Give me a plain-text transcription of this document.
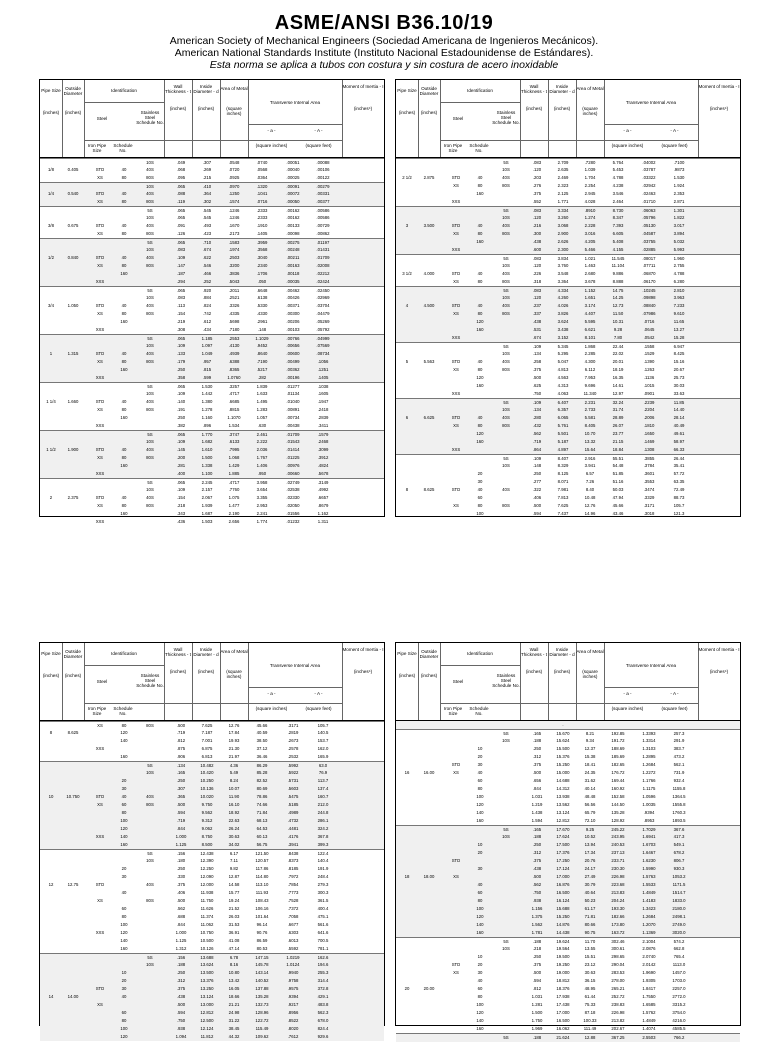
ASME/ANSI B36.10/19
American Society of Mechanical Engineers (Sociedad Americana de Ingenieros Mecánicos).
American National Standards Institute (Instituto Nacional Estadounidense de Estándares).
Esta norma se aplica a tubos con costura y sin costura de acero inoxidable
Pipe Size Outside Diameter
Identification
Wall Thickness - t
Inside Diameter - d
Area of Metal
Transverse Internal Area
Moment of Inertia - I
(inches)	(inches)
(inches)	(inches)	(square inches)
(inches⁴)
Steel
Stainless Steel Schedule No.
- a -	- A -
Iron Pipe Size
Schedule No.
(square inches)	(square feet)
10S	.049	.307	.0548	.0740	.00051	.00088
1/8	0.405	STD	40	40S	.068	.269	.0720	.0568	.00040	.00106
XS	80	80S	.095	.215	.0925	.0364	.00025	.00122
10S	.065	.410	.0970	.1320	.00091	.00279
1/4	0.540	STD	40	40S	.088	.364	.1250	.1041	.00072	.00331
XS	80	80S	.119	.302	.1574	.0716	.00050	.00377
5S	.065	.545	.1246	.2333	.00162	.00586
10S	.065	.545	.1246	.2333	.00162	.00586
3/8	0.675	STD	40	40S	.091	.493	.1670	.1910	.00133	.00729
XS	80	80S	.126	.423	.2173	.1405	.00098	.00862
5S	.065	.710	.1583	.3959	.00275	.01197
10S	.083	.674	.1974	.3568	.00248	.01431
1/2	0.840	STD	40	40S	.109	.622	.2503	.3040	.00211	.01709
XS	80	80S	.147	.546	.3200	.2340	.00163	.02008
160	.187	.466	.3836	.1706	.00118	.02212
XXS	.294	.252	.5043	.050	.00035	.02424
5S	.065	.920	.2011	.6648	.00462	.02450
10S	.083	.884	.2521	.6138	.00426	.02969
3/4	1.050	STD	40	40S	.113	.824	.3326	.5330	.00371	.03704
XS	80	80S	.154	.742	.4335	.4330	.00300	.04479
160	.219	.612	.5698	.2961	.00206	.05269
XXS	.308	.434	.7180	.148	.00103	.05792
5S	.065	1.185	.2553	1.1029	.00766	.04999
10S	.109	1.097	.4130	.9452	.00656	.07569
1	1.315	STD	40	40S	.133	1.049	.4939	.8640	.00600	.08734
XS	80	80S	.179	.957	.6388	.7190	.00499	.1056
160	.250	.815	.8365	.5217	.00362	.1251
XXS	.358	.599	1.0760	.282	.00196	.1405
5S	.065	1.530	.3257	1.839	.01277	.1038
10S	.109	1.442	.4717	1.633	.01134	.1605
1 1/4	1.660	STD	40	40S	.140	1.380	.6685	1.495	.01040	.1947
XS	80	80S	.191	1.278	.8815	1.283	.00891	.2418
160	.250	1.160	1.1070	1.057	.00734	.2839
XXS	.382	.896	1.534	.630	.00438	.3411
5S	.065	1.770	.3747	2.461	.01709	.1579
10S	.109	1.682	.6133	2.222	.01543	.2468
1 1/2	1.900	STD	40	40S	.145	1.610	.7995	2.036	.01414	.3099
XS	80	80S	.200	1.500	1.068	1.767	.01225	.3912
160	.281	1.338	1.429	1.406	.00976	.4824
XXS	.400	1.100	1.885	.950	.00660	.5678
5S	.065	2.245	.4717	3.958	.02749	.3149
10S	.109	2.157	.7760	3.654	.02538	.4992
2	2.375	STD	40	40S	.154	2.067	1.075	3.355	.02330	.6657
XS	80	80S	.218	1.939	1.477	2.953	.02050	.8679
160	.343	1.687	2.190	2.241	.01556	1.162
XXS	.436	1.503	2.656	1.774	.01232	1.311
Pipe Size Outside Diameter
Identification
Wall Thickness - t
Inside Diameter - d
Area of Metal
Transverse Internal Area
Moment of Inertia - I
(inches)	(inches)
(inches)	(inches)	(square inches)
(inches⁴)
Steel
Stainless Steel Schedule No.
- a -	- A -
Iron Pipe Size
Schedule No.
(square inches)	(square feet)
5S	.083	2.709	.7280	5.764	.04002	.7100
10S	.120	2.635	1.039	5.453	.03787	.9873
2 1/2	2.875	STD	40	40S	.203	2.469	1.704	4.788	.03322	1.530
XS	80	80S	.276	2.323	2.254	4.238	.02942	1.924
160	.375	2.125	2.945	3.546	.02463	2.353
XXS	.552	1.771	4.028	2.464	.01710	2.871
5S	.083	3.334	.8910	8.730	.06063	1.301
10S	.120	3.260	1.274	8.347	.05796	1.822
3	3.500	STD	40	40S	.216	3.068	2.228	7.393	.05130	3.017
XS	80	80S	.300	2.900	3.016	6.605	.04587	3.894
160	.438	2.626	4.205	5.408	.03755	5.032
XXS	.600	2.300	5.466	4.155	.02885	5.993
5S	.083	3.834	1.021	11.545	.08017	1.960
10S	.120	3.760	1.463	11.104	.07711	2.755
3 1/2	4.000	STD	40	40S	.226	3.548	2.680	9.886	.06870	4.788
XS	80	80S	.318	3.364	3.678	8.888	.06170	6.280
5S	.083	4.334	1.152	14.75	.10245	2.810
10S	.120	4.260	1.651	14.25	.09898	3.963
4	4.500	STD	40	40S	.237	4.026	3.174	12.73	.08840	7.233
XS	80	80S	.337	3.826	4.407	11.50	.07986	9.610
120	.438	3.624	5.595	10.31	.0716	11.65
160	.531	3.438	6.621	9.28	.0645	13.27
XXS	.674	3.152	8.101	7.80	.0542	15.28
5S	.109	5.345	1.868	22.44	.1558	6.947
10S	.134	5.295	2.285	22.02	.1529	8.425
5	5.563	STD	40	40S	.258	5.047	4.300	20.01	.1390	15.16
XS	80	80S	.375	4.813	6.112	18.19	.1263	20.67
120	.500	4.563	7.953	16.35	.1136	25.73
160	.625	4.313	9.696	14.61	.1015	30.03
XXS	.750	4.063	11.340	12.97	.0901	33.63
5S	.109	6.407	2.231	32.24	.2239	11.85
10S	.134	6.357	2.733	31.74	.2204	14.40
6	6.625	STD	40	40S	.280	6.065	5.581	28.89	.2006	28.14
XS	80	80S	.432	5.761	8.405	26.07	.1810	40.49
120	.562	5.501	10.70	23.77	.1650	49.61
160	.719	5.187	13.32	21.15	.1469	58.97
XXS	.864	4.897	15.64	18.84	.1308	66.33
5S	.109	8.407	2.916	55.51	.3855	26.44
10S	.148	8.329	3.941	54.48	.3784	35.41
20	.250	8.125	6.57	51.85	.3601	57.72
30	.277	8.071	7.26	51.16	.3553	63.35
8	8.625	STD	40	40S	.322	7.981	8.40	50.03	.3474	72.49
60	.406	7.813	10.48	47.94	.3329	88.73
XS	80	80S	.500	7.625	12.76	45.66	.3171	105.7
100	.594	7.437	14.96	43.46	.3018	121.3
Pipe Size Outside Diameter
Identification
Wall Thickness - t
Inside Diameter - d
Area of Metal
Transverse Internal Area
Moment of Inertia - I
(inches)	(inches)
(inches)	(inches)	(square inches)
(inches⁴)
Steel
Stainless Steel Schedule No.
- a -	- A -
Iron Pipe Size
Schedule No.
(square inches)	(square feet)
XS	80	80S	.500	7.625	12.76	45.66	.3171	105.7
8	8.625	120	.719	7.187	17.84	40.59	.2819	140.5
140	.812	7.001	19.93	38.50	.2673	153.7
XXS	.875	6.875	21.30	37.12	.2578	162.0
160	.906	6.813	21.97	36.46	.2532	165.9
5S	.134	10.482	4.36	86.29	.5992	63.0
10S	.165	10.420	5.49	85.28	.5922	76.9
20	.250	10.250	8.24	82.52	.5731	113.7
30	.307	10.136	10.07	80.69	.5603	137.4
10	10.750	STD	40	40S	.365	10.020	11.90	78.86	.5475	160.7
XS	60	80S	.500	9.750	16.10	74.66	.5185	212.0
80	.594	9.562	18.92	71.84	.4989	244.8
100	.719	9.312	22.63	68.13	.4732	286.1
120	.844	9.062	26.24	64.53	.4481	324.2
XXS	140	1.000	8.750	30.63	60.13	.4176	367.8
160	1.125	8.500	34.02	56.75	.3941	399.3
5S	.156	12.438	6.17	121.50	.8438	122.4
10S	.180	12.390	7.11	120.57	.8373	140.4
20	.250	12.250	9.82	117.86	.8185	191.9
30	.330	12.090	12.87	114.80	.7972	248.4
12	12.75	STD	40S	.375	12.000	14.58	113.10	.7854	279.3
40	.406	11.938	15.77	111.93	.7773	300.3
XS	80S	.500	11.750	19.24	108.43	.7528	361.5
60	.562	11.626	21.52	106.16	.7372	400.4
80	.688	11.374	26.03	101.64	.7058	475.1
100	.844	11.062	31.53	96.14	.6677	561.6
XXS	120	1.000	10.750	36.91	90.76	.6303	641.6
140	1.125	10.500	41.08	86.59	.6013	700.5
160	1.312	10.126	47.14	80.53	.5592	781.1
5S	.156	13.688	6.78	147.15	1.0219	162.6
10S	.188	13.624	8.16	145.78	1.0124	194.6
10	.250	13.500	10.80	143.14	.9940	255.3
20	.312	13.376	13.42	140.52	.9758	314.4
STD	30	.375	13.250	16.05	137.88	.9575	372.8
14	14.00	40	.438	13.124	18.66	135.28	.9394	429.1
XS	.500	13.000	21.21	132.73	.9217	483.8
60	.594	12.812	24.98	128.96	.8956	562.3
80	.750	12.500	31.22	122.72	.8522	678.0
100	.938	12.124	38.45	115.49	.8020	824.4
120	1.094	11.812	44.32	109.62	.7612	929.6
Pipe Size Outside Diameter
Identification
Wall Thickness - t
Inside Diameter - d
Area of Metal
Transverse Internal Area
Moment of Inertia - I
(inches)	(inches)
(inches)	(inches)	(square inches)
(inches⁴)
Steel
Stainless Steel Schedule No.
- a -	- A -
Iron Pipe Size
Schedule No.
(square inches)	(square feet)
.
5S	.165	15.670	8.21	192.85	1.3393	257.3
10S	.188	15.624	9.34	191.72	1.3314	291.9
10	.250	15.500	12.37	188.69	1.3103	383.7
20	.312	15.376	15.38	185.69	1.2895	473.2
STD	30	.375	15.250	18.41	182.65	1.2684	562.1
16	16.00	XS	40	.500	15.000	24.35	176.72	1.2272	731.9
60	.656	14.688	31.62	169.44	1.1766	932.4
80	.844	14.312	40.14	160.92	1.1175	1155.8
100	1.031	13.938	48.48	152.58	1.0596	1364.5
120	1.219	13.562	56.56	144.50	1.0035	1555.8
140	1.438	13.124	65.79	135.28	.9394	1760.3
160	1.594	12.812	72.10	128.92	.8953	1893.5
5S	.165	17.670	9.25	245.22	1.7029	367.6
10S	.188	17.624	10.52	243.95	1.6941	417.3
10	.250	17.500	13.94	240.53	1.6703	549.1
20	.312	17.376	17.34	237.13	1.6467	678.2
STD	.375	17.250	20.76	233.71	1.6230	806.7
30	.438	17.124	24.17	230.30	1.5990	930.3
18	18.00	XS	.500	17.000	27.49	226.98	1.5763	1053.2
40	.562	16.876	30.79	223.68	1.5533	1171.5
60	.750	16.500	40.64	213.83	1.4849	1514.7
80	.938	16.124	50.23	204.24	1.4183	1833.0
100	1.156	15.688	61.17	193.30	1.3423	2180.0
120	1.375	15.250	71.81	182.66	1.2684	2498.1
140	1.562	14.876	80.66	173.80	1.2070	2749.0
160	1.781	14.438	90.75	163.72	1.1369	3020.0
5S	.188	19.624	11.70	302.46	2.1004	574.2
10S	.218	19.564	13.55	300.61	2.0876	662.8
10	.250	19.500	15.51	298.65	2.0740	765.4
STD	20	.375	19.250	23.12	290.04	2.0142	1113.0
XS	30	.500	19.000	30.63	283.53	1.9690	1457.0
40	.594	18.812	36.15	278.00	1.9305	1703.0
20	20.00	60	.812	18.376	48.95	265.21	1.8417	2257.0
80	1.031	17.938	61.44	252.72	1.7550	2772.0
100	1.281	17.438	75.33	238.83	1.6585	3315.2
120	1.500	17.000	87.18	226.98	1.5762	3754.0
140	1.750	16.500	100.33	213.82	1.4849	4216.0
160	1.969	16.062	111.49	202.67	1.4074	4585.5
5S	.188	21.624	12.88	367.25	2.5503	766.2
